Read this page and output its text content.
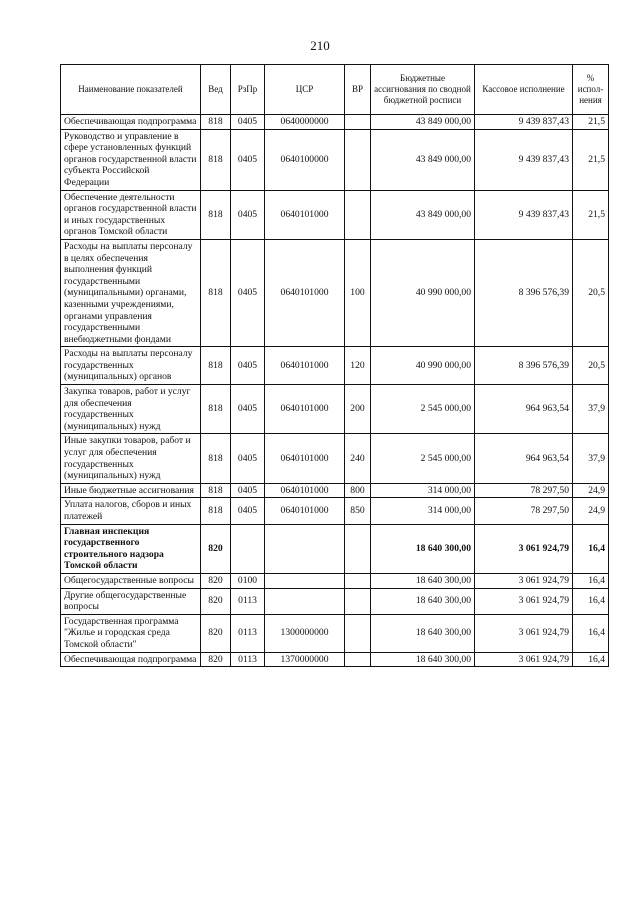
210
Наименование показателей	Вед	РзПр	ЦСР	ВР	Бюджетные ассигнования по сводной бюджетной росписи	Кассовое исполнение	% испол-нения
Обеспечивающая подпрограмма	818	0405	0640000000		43 849 000,00	9 439 837,43	21,5
Руководство и управление в сфере установленных функций органов государственной власти субъекта Российской Федерации	818	0405	0640100000		43 849 000,00	9 439 837,43	21,5
Обеспечение деятельности органов государственной власти и иных государственных органов Томской области	818	0405	0640101000		43 849 000,00	9 439 837,43	21,5
Расходы на выплаты персоналу в целях обеспечения выполнения функций государственными (муниципальными) органами, казенными учреждениями, органами управления государственными внебюджетными фондами	818	0405	0640101000	100	40 990 000,00	8 396 576,39	20,5
Расходы на выплаты персоналу государственных (муниципальных) органов	818	0405	0640101000	120	40 990 000,00	8 396 576,39	20,5
Закупка товаров, работ и услуг для обеспечения государственных (муниципальных) нужд	818	0405	0640101000	200	2 545 000,00	964 963,54	37,9
Иные закупки товаров, работ и услуг для обеспечения государственных (муниципальных) нужд	818	0405	0640101000	240	2 545 000,00	964 963,54	37,9
Иные бюджетные ассигнования	818	0405	0640101000	800	314 000,00	78 297,50	24,9
Уплата налогов, сборов и иных платежей	818	0405	0640101000	850	314 000,00	78 297,50	24,9
Главная инспекция государственного строительного надзора Томской области	820				18 640 300,00	3 061 924,79	16,4
Общегосударственные вопросы	820	0100			18 640 300,00	3 061 924,79	16,4
Другие общегосударственные вопросы	820	0113			18 640 300,00	3 061 924,79	16,4
Государственная программа "Жилье и городская среда Томской области"	820	0113	1300000000		18 640 300,00	3 061 924,79	16,4
Обеспечивающая подпрограмма	820	0113	1370000000		18 640 300,00	3 061 924,79	16,4
